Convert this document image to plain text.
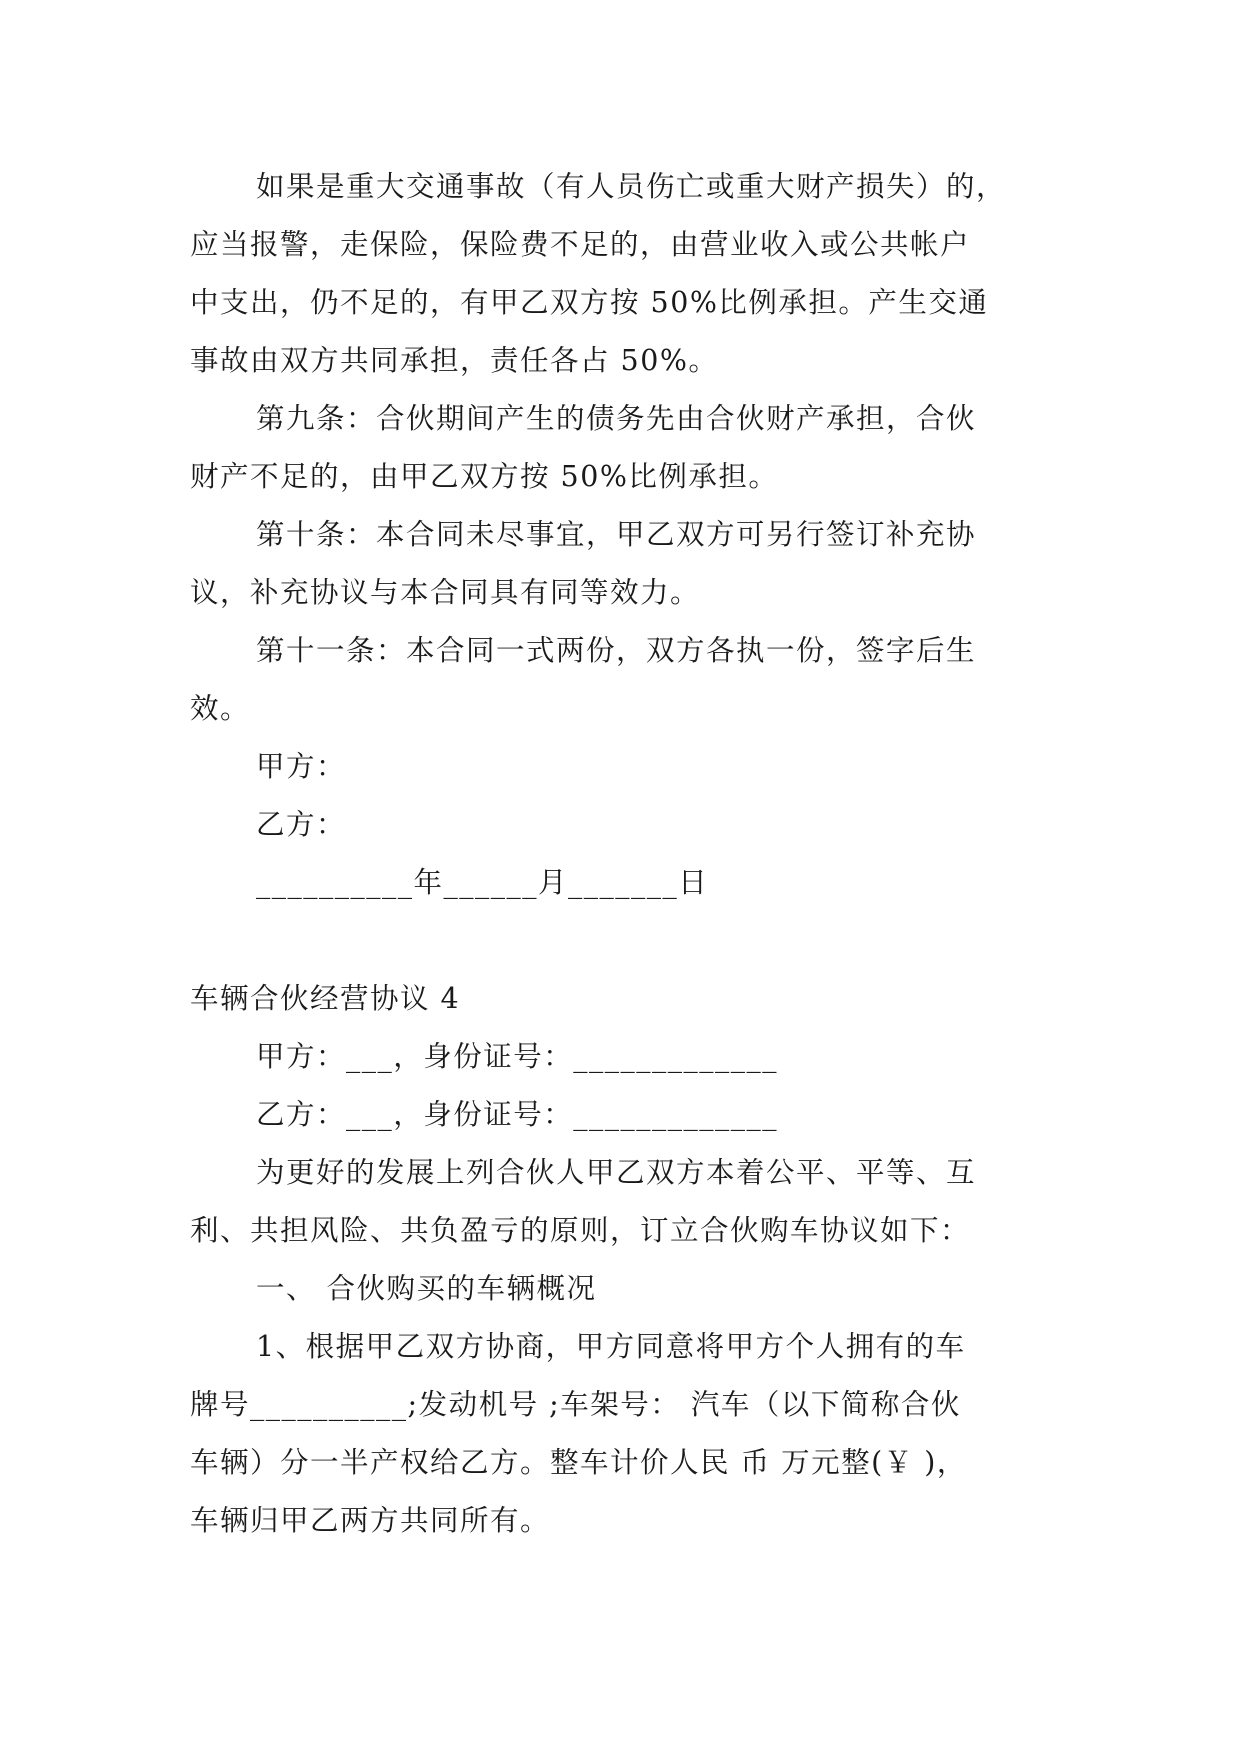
如果是重大交通事故（有人员伤亡或重大财产损失）的，
应当报警，走保险，保险费不足的，由营业收入或公共帐户
中支出，仍不足的，有甲乙双方按 50%比例承担。产生交通
事故由双方共同承担，责任各占 50%。
第九条：合伙期间产生的债务先由合伙财产承担，合伙
财产不足的，由甲乙双方按 50%比例承担。
第十条：本合同未尽事宜，甲乙双方可另行签订补充协
议，补充协议与本合同具有同等效力。
第十一条：本合同一式两份，双方各执一份，签字后生
效。
甲方：
乙方：
__________年______月_______日
车辆合伙经营协议 4
甲方：___，身份证号：_____________
乙方：___，身份证号：_____________
为更好的发展上列合伙人甲乙双方本着公平、平等、互
利、共担风险、共负盈亏的原则，订立合伙购车协议如下：
一、 合伙购买的车辆概况
1、根据甲乙双方协商，甲方同意将甲方个人拥有的车
牌号__________;发动机号 ;车架号： 汽车（以下简称合伙
车辆）分一半产权给乙方。整车计价人民 币 万元整(￥ )，
车辆归甲乙两方共同所有。
